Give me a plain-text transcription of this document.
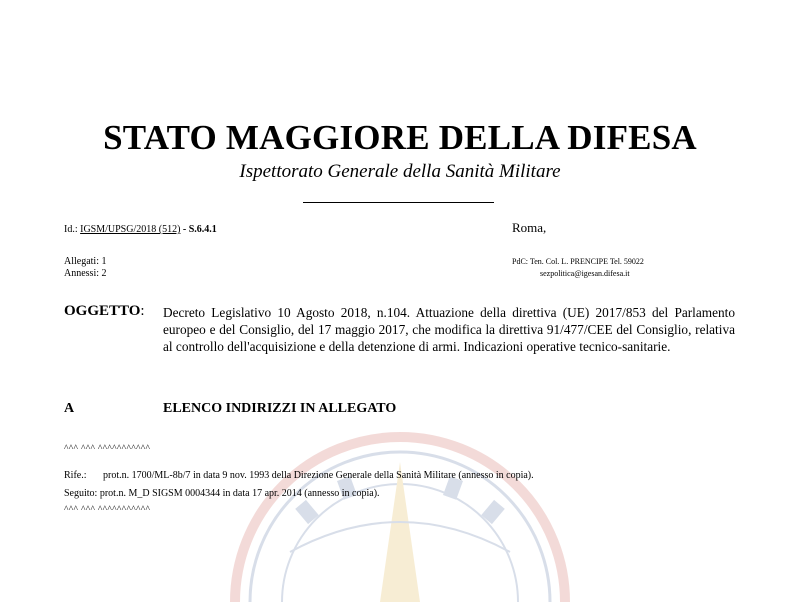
STATO MAGGIORE DELLA DIFESA
Ispettorato Generale della Sanità Militare
Id.: IGSM/UPSG/2018 (512) - S.6.4.1	Roma,
Allegati: 1
Annessi: 2
PdC: Ten. Col. L. PRENCIPE Tel. 59022
sezpolitica@igesan.difesa.it
OGGETTO: Decreto Legislativo 10 Agosto 2018, n.104. Attuazione della direttiva (UE) 2017/853 del Parlamento europeo e del Consiglio, del 17 maggio 2017, che modifica la direttiva 91/477/CEE del Consiglio, relativa al controllo dell'acquisizione e della detenzione di armi. Indicazioni operative tecnico-sanitarie.
A	ELENCO INDIRIZZI IN ALLEGATO
^^^ ^^^ ^^^^^^^^^^^
Rife.: prot.n. 1700/ML-8b/7 in data 9 nov. 1993 della Direzione Generale della Sanità Militare (annesso in copia).
Seguito: prot.n. M_D SIGSM 0004344 in data 17 apr. 2014 (annesso in copia).
^^^ ^^^ ^^^^^^^^^^^
